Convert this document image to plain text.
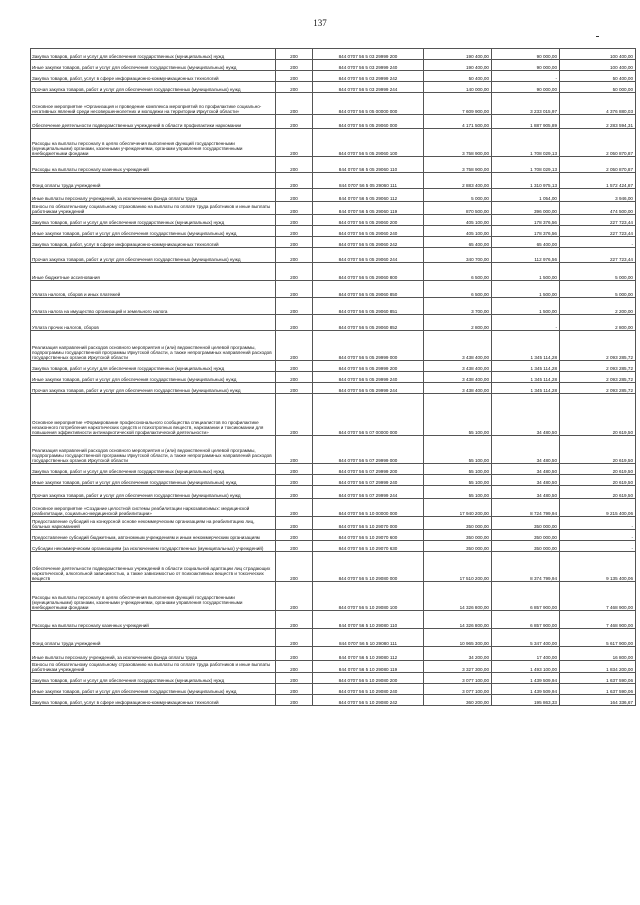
137
Закупка товаров, работ и услуг для обеспечения государственных (муниципальных) нужд	200	844 0707 56 5 03 29999 200	190 400,00	90 000,00	100 400,00
Иные закупки товаров, работ и услуг для обеспечения государственных (муниципальных) нужд	200	844 0707 56 5 03 29999 240	190 400,00	90 000,00	100 400,00
Закупка товаров, работ, услуг в сфере информационно-коммуникационных технологий	200	844 0707 56 5 03 29999 242	50 400,00	-	50 400,00
Прочая закупка товаров, работ и услуг для обеспечения государственных (муниципальных) нужд	200	844 0707 56 5 03 29999 244	140 000,00	90 000,00	50 000,00
Основное мероприятие «Организация и проведение комплекса мероприятий по профилактике социально-негативных явлений среди несовершеннолетних и молодежи на территории Иркутской области»	200	844 0707 56 5 05 00000 000	7 609 900,00	3 233 015,97	4 376 880,03
Обеспечение деятельности подведомственных учреждений в области профилактики наркомании	200	844 0707 56 5 05 29060 000	4 171 500,00	1 887 905,89	2 283 594,31
Расходы на выплаты персоналу в целях обеспечения выполнения функций государственными (муниципальными) органами, казенными учреждениями, органами управления государственными внебюджетными фондами	200	844 0707 56 5 05 29060 100	3 758 900,00	1 708 029,13	2 050 870,87
Расходы на выплаты персоналу казенных учреждений	200	844 0707 56 5 05 29060 110	3 758 900,00	1 708 029,13	2 050 870,87
Фонд оплаты труда учреждений	200	844 0707 56 5 05 29060 111	2 883 400,00	1 310 975,13	1 572 424,87
Иные выплаты персоналу учреждений, за исключением фонда оплаты труда	200	844 0707 56 5 05 29060 112	5 000,00	1 054,00	3 946,00
Взносы по обязательному социальному страхованию на выплаты по оплате труда работников и иные выплаты работникам учреждений	200	844 0707 56 5 05 29060 119	870 500,00	396 000,00	474 500,00
Закупка товаров, работ и услуг для обеспечения государственных (муниципальных) нужд	200	844 0707 56 5 05 29060 200	405 100,00	178 376,56	227 723,44
Иные закупки товаров, работ и услуг для обеспечения государственных (муниципальных) нужд	200	844 0707 56 5 05 29060 240	405 100,00	178 376,56	227 723,44
Закупка товаров, работ, услуг в сфере информационно-коммуникационных технологий	200	844 0707 56 5 05 29060 242	65 400,00	65 400,00	-
Прочая закупка товаров, работ и услуг для обеспечения государственных (муниципальных) нужд	200	844 0707 56 5 05 29060 244	340 700,00	112 976,56	227 723,44
Иные бюджетные ассигнования	200	844 0707 56 5 05 29060 800	6 500,00	1 500,00	5 000,00
Уплата налогов, сборов и иных платежей	200	844 0707 56 5 05 29060 850	6 500,00	1 500,00	5 000,00
Уплата налога на имущество организаций и земельного налога	200	844 0707 56 5 05 29060 851	3 700,00	1 500,00	2 200,00
Уплата прочих налогов, сборов	200	844 0707 56 5 05 29060 852	2 800,00	-	2 800,00
Реализация направлений расходов основного мероприятия и (или) ведомственной целевой программы, подпрограммы государственной программы Иркутской области, а также непрограммных направлений расходов государственных органов Иркутской области	200	844 0707 56 5 05 29999 000	3 438 400,00	1 345 114,28	2 093 285,72
Закупка товаров, работ и услуг для обеспечения государственных (муниципальных) нужд	200	844 0707 56 5 05 29999 200	3 438 400,00	1 345 114,28	2 093 285,72
Иные закупки товаров, работ и услуг для обеспечения государственных (муниципальных) нужд	200	844 0707 56 5 05 29999 240	3 438 400,00	1 345 114,28	2 093 285,72
Прочая закупка товаров, работ и услуг для обеспечения государственных (муниципальных) нужд	200	844 0707 56 5 05 29999 244	3 438 400,00	1 345 114,28	2 093 285,72
Основное мероприятие «Формирование профессионального сообщества специалистов по профилактике незаконного потребления наркотических средств и психотропных веществ, наркомании и токсикомании для повышения эффективности антинаркотической профилактической деятельности»	200	844 0707 56 5 07 00000 000	55 100,00	34 480,50	20 619,50
Реализация направлений расходов основного мероприятия и (или) ведомственной целевой программы, подпрограммы государственной программы Иркутской области, а также непрограммных направлений расходов государственных органов Иркутской области	200	844 0707 56 5 07 29999 000	55 100,00	34 480,50	20 619,50
Закупка товаров, работ и услуг для обеспечения государственных (муниципальных) нужд	200	844 0707 56 5 07 29999 200	55 100,00	34 480,50	20 619,50
Иные закупки товаров, работ и услуг для обеспечения государственных (муниципальных) нужд	200	844 0707 56 5 07 29999 240	55 100,00	34 480,50	20 619,50
Прочая закупка товаров, работ и услуг для обеспечения государственных (муниципальных) нужд	200	844 0707 56 5 07 29999 244	55 100,00	34 480,50	20 619,50
Основное мероприятие «Создание целостной системы реабилитации наркозависимых: медицинской реабилитации, социально-медицинской реабилитации»	200	844 0707 56 5 10 00000 000	17 940 200,00	8 724 799,94	9 215 400,06
Предоставление субсидий на конкурсной основе некоммерческим организациям на реабилитацию лиц, больных наркоманией	200	844 0707 56 5 10 29070 000	350 000,00	350 000,00	-
Предоставление субсидий бюджетным, автономным учреждениям и иным некоммерческим организациям	200	844 0707 56 5 10 29070 600	350 000,00	350 000,00	-
Субсидии некоммерческим организациям (за исключением государственных (муниципальных) учреждений)	200	844 0707 56 5 10 29070 630	350 000,00	350 000,00	-
Обеспечение деятельности подведомственных учреждений в области социальной адаптации лиц страдающих наркотической, алкогольной зависимостью, а также зависимостью от психоактивных веществ и токсических веществ	200	844 0707 56 5 10 29080 000	17 510 200,00	8 374 799,94	9 135 400,06
Расходы на выплаты персоналу в целях обеспечения выполнения функций государственными (муниципальными) органами, казенными учреждениями, органами управления государственными внебюджетными фондами	200	844 0707 56 5 10 29080 100	14 326 800,00	6 857 900,00	7 468 900,00
Расходы на выплаты персоналу казенных учреждений	200	844 0707 56 5 10 29080 110	14 326 800,00	6 857 900,00	7 468 900,00
Фонд оплаты труда учреждений	200	844 0707 56 5 10 29080 111	10 965 300,00	5 347 400,00	5 617 900,00
Иные выплаты персоналу учреждений, за исключением фонда оплаты труда	200	844 0707 56 5 10 29080 112	34 200,00	17 400,00	16 800,00
Взносы по обязательному социальному страхованию на выплаты по оплате труда работников и иные выплаты работникам учреждений	200	844 0707 56 5 10 29080 119	3 327 300,00	1 493 100,00	1 834 200,00
Закупка товаров, работ и услуг для обеспечения государственных (муниципальных) нужд	200	844 0707 56 5 10 29080 200	3 077 100,00	1 439 509,94	1 637 590,06
Иные закупки товаров, работ и услуг для обеспечения государственных (муниципальных) нужд	200	844 0707 56 5 10 29080 240	3 077 100,00	1 439 509,94	1 637 590,06
Закупка товаров, работ, услуг в сфере информационно-коммуникационных технологий	200	844 0707 56 5 10 29080 242	360 200,00	195 863,33	164 336,67
